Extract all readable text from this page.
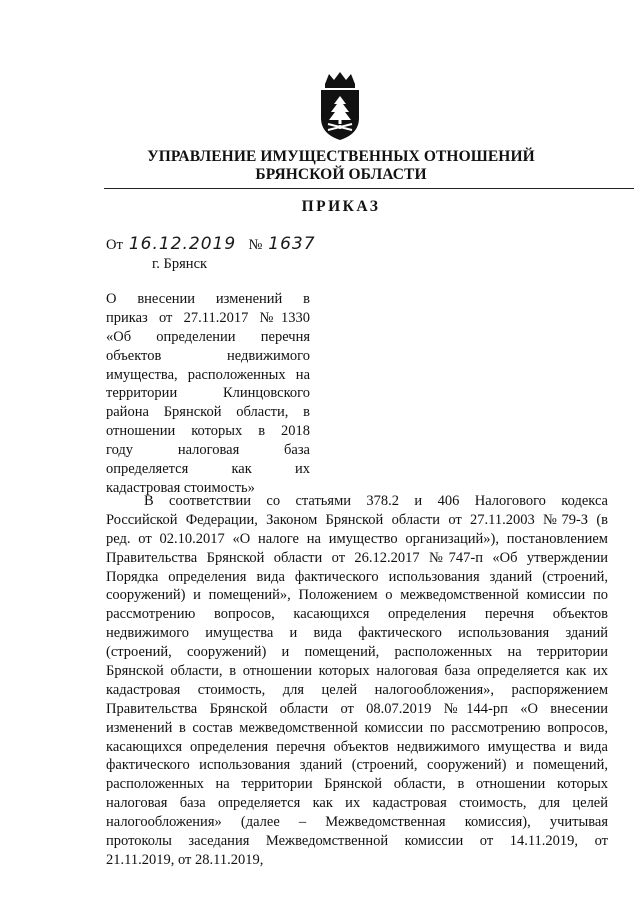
УПРАВЛЕНИЕ ИМУЩЕСТВЕННЫХ ОТНОШЕНИЙ
БРЯНСКОЙ ОБЛАСТИ
ПРИКАЗ
От 16.12.2019 № 1637
г. Брянск
О внесении изменений в
приказ от 27.11.2017 №1330
«Об определении перечня
объектов недвижимого
имущества, расположенных на
территории Клинцовского
района Брянской области, в
отношении которых в 2018
году налоговая база
определяется как их
кадастровая стоимость»
В соответствии со статьями 378.2 и 406 Налогового кодекса
Российской Федерации, Законом Брянской области от 27.11.2003 №79-З (в
ред. от 02.10.2017 «О налоге на имущество организаций»), постановлением
Правительства Брянской области от 26.12.2017 №747-п «Об утверждении
Порядка определения вида фактического использования зданий (строений,
сооружений) и помещений», Положением о межведомственной комиссии по
рассмотрению вопросов, касающихся определения перечня объектов
недвижимого имущества и вида фактического использования зданий
(строений, сооружений) и помещений, расположенных на территории
Брянской области, в отношении которых налоговая база определяется как их
кадастровая стоимость, для целей налогообложения», распоряжением
Правительства Брянской области от 08.07.2019 №144-рп «О внесении
изменений в состав межведомственной комиссии по рассмотрению вопросов,
касающихся определения перечня объектов недвижимого имущества и вида
фактического использования зданий (строений, сооружений) и помещений,
расположенных на территории Брянской области, в отношении которых
налоговая база определяется как их кадастровая стоимость, для целей
налогообложения» (далее – Межведомственная комиссия), учитывая
протоколы заседания Межведомственной комиссии от 14.11.2019, от
21.11.2019, от 28.11.2019,
